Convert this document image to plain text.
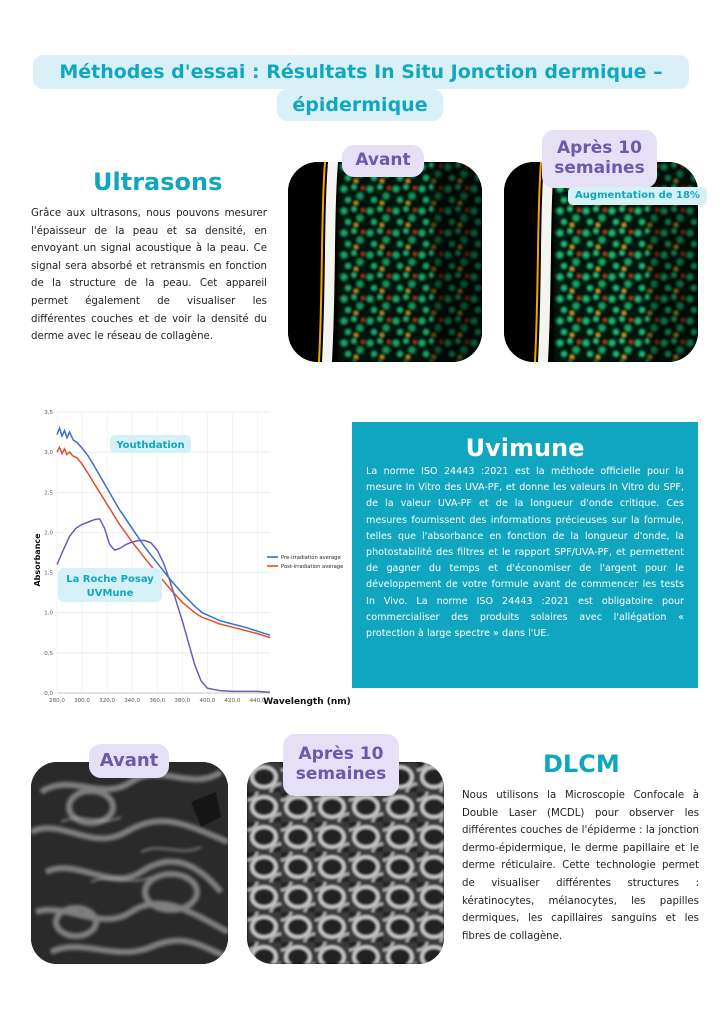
Méthodes d'essai : Résultats In Situ Jonction dermique –
épidermique
Ultrasons
Grâce aux ultrasons, nous pouvons mesurer l'épaisseur de la peau et sa densité, en envoyant un signal acoustique à la peau. Ce signal sera absorbé et retransmis en fonction de la structure de la peau. Cet appareil permet également de visualiser les différentes couches et de voir la densité du derme avec le réseau de collagène.
Avant
Après 10
semaines
Augmentation de 18%
0,0
0,5
1,0
1,5
2,0
2,5
3,0
3,5
280,0 300,0 320,0 340,0 360,0 380,0 400,0 420,0 440,0
Absorbance
Wavelength (nm)
Youthdation
La Roche Posay UVMune
Pre-irradiation average
Post-irradiation average
Uvimune
La norme ISO 24443 :2021 est la méthode officielle pour la mesure In Vitro des UVA-PF, et donne les valeurs In Vitro du SPF, de la valeur UVA-PF et de la longueur d'onde critique. Ces mesures fournissent des informations précieuses sur la formule, telles que l'absorbance en fonction de la longueur d'onde, la photostabilité des filtres et le rapport SPF/UVA-PF, et permettent de gagner du temps et d'économiser de l'argent pour le développement de votre formule avant de commencer les tests In Vivo. La norme ISO 24443 :2021 est obligatoire pour commercialiser des produits solaires avec l'allégation « protection à large spectre » dans l'UE.
Avant	Après 10
semaines	DLCM
Nous utilisons la Microscopie Confocale à Double Laser (MCDL) pour observer les différentes couches de l'épiderme : la jonction dermo-épidermique, le derme papillaire et le derme réticulaire. Cette technologie permet de visualiser différentes structures : kératinocytes, mélanocytes, les papilles dermiques, les capillaires sanguins et les fibres de collagène.
